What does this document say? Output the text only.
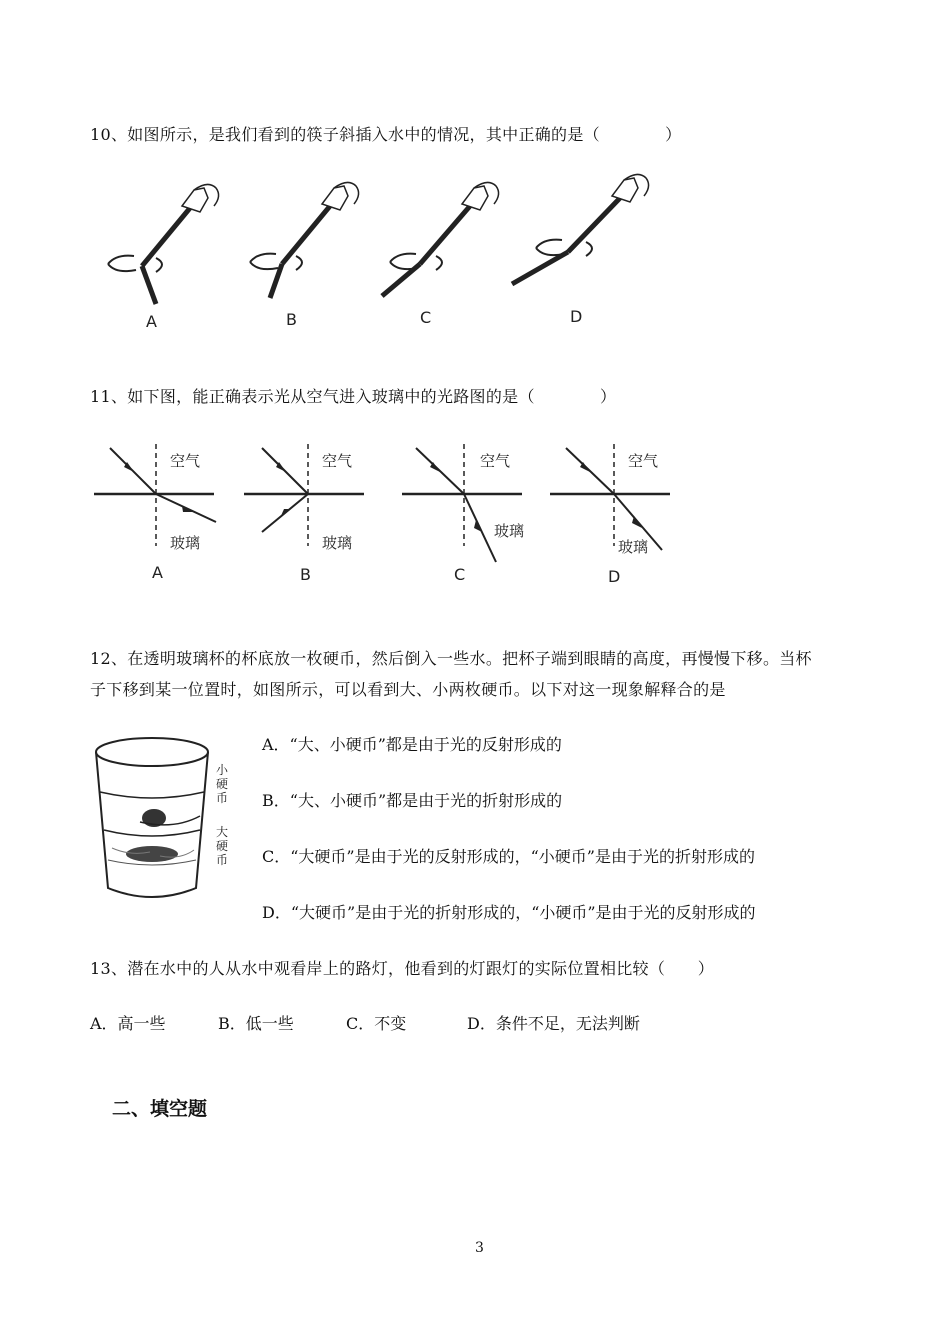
10、如图所示，是我们看到的筷子斜插入水中的情况，其中正确的是（　　　　）
A	B	C	D
11、如下图，能正确表示光从空气进入玻璃中的光路图的是（　　　　）
空气
玻璃
A
空气
玻璃
B
空气
玻璃
C
空气
玻璃
D
12、在透明玻璃杯的杯底放一枚硬币，然后倒入一些水。把杯子端到眼睛的高度，再慢慢下移。当杯
子下移到某一位置时，如图所示，可以看到大、小两枚硬币。以下对这一现象解释合的是
小硬币
大硬币
A．“大、小硬币”都是由于光的反射形成的
B．“大、小硬币”都是由于光的折射形成的
C．“大硬币”是由于光的反射形成的，“小硬币”是由于光的折射形成的
D．“大硬币”是由于光的折射形成的，“小硬币”是由于光的反射形成的
13、潜在水中的人从水中观看岸上的路灯，他看到的灯跟灯的实际位置相比较（　　）
A．高一些	B．低一些	C．不变	D．条件不足，无法判断
二、填空题
3
